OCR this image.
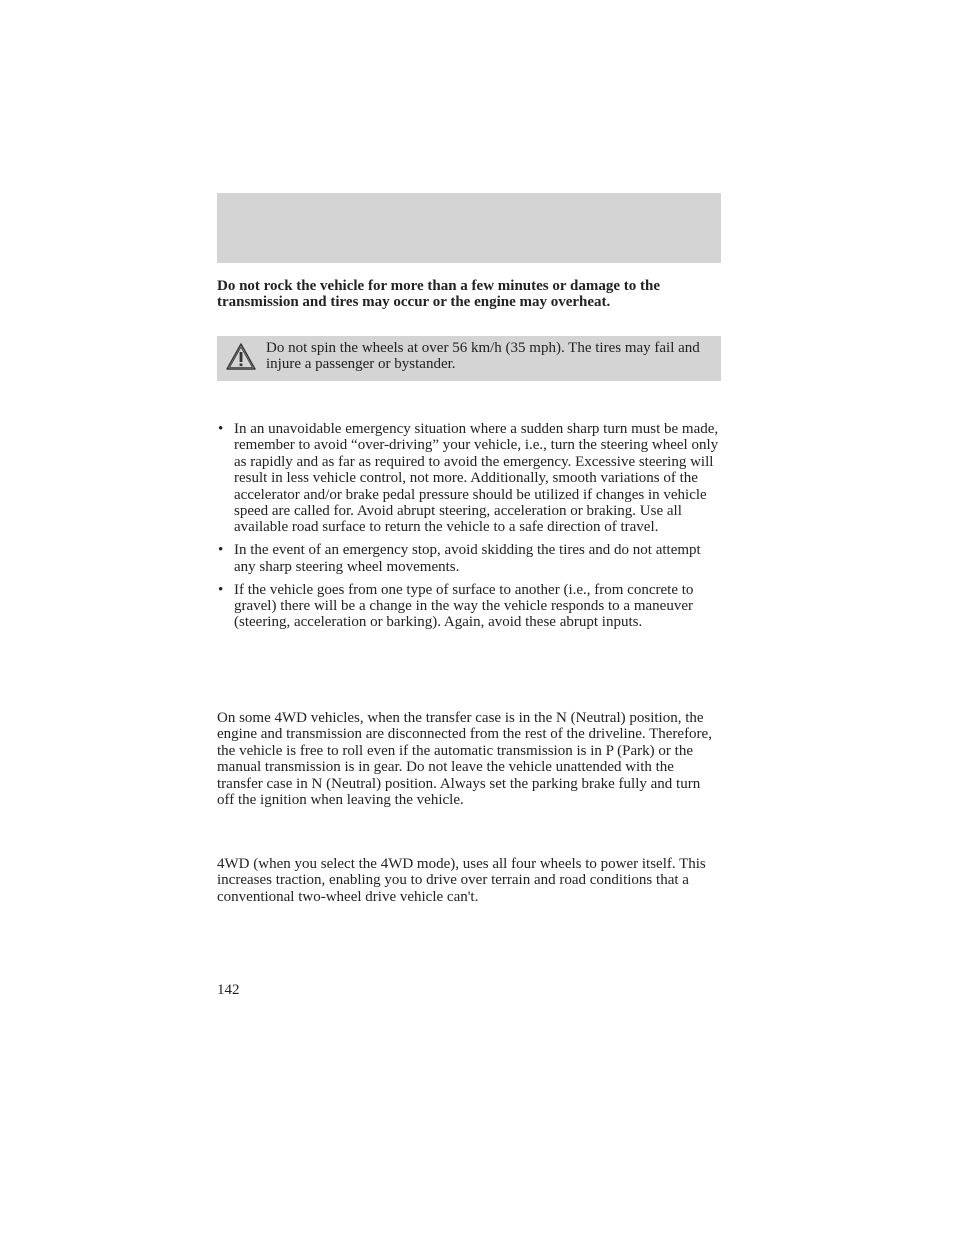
Do not rock the vehicle for more than a few minutes or damage to the transmission and tires may occur or the engine may overheat.

Do not spin the wheels at over 56 km/h (35 mph). The tires may fail and injure a passenger or bystander.

• In an unavoidable emergency situation where a sudden sharp turn must be made, remember to avoid “over-driving” your vehicle, i.e., turn the steering wheel only as rapidly and as far as required to avoid the emergency. Excessive steering will result in less vehicle control, not more. Additionally, smooth variations of the accelerator and/or brake pedal pressure should be utilized if changes in vehicle speed are called for. Avoid abrupt steering, acceleration or braking. Use all available road surface to return the vehicle to a safe direction of travel.
• In the event of an emergency stop, avoid skidding the tires and do not attempt any sharp steering wheel movements.
• If the vehicle goes from one type of surface to another (i.e., from concrete to gravel) there will be a change in the way the vehicle responds to a maneuver (steering, acceleration or barking). Again, avoid these abrupt inputs.

On some 4WD vehicles, when the transfer case is in the N (Neutral) position, the engine and transmission are disconnected from the rest of the driveline. Therefore, the vehicle is free to roll even if the automatic transmission is in P (Park) or the manual transmission is in gear. Do not leave the vehicle unattended with the transfer case in N (Neutral) position. Always set the parking brake fully and turn off the ignition when leaving the vehicle.

4WD (when you select the 4WD mode), uses all four wheels to power itself. This increases traction, enabling you to drive over terrain and road conditions that a conventional two-wheel drive vehicle can't.

142
